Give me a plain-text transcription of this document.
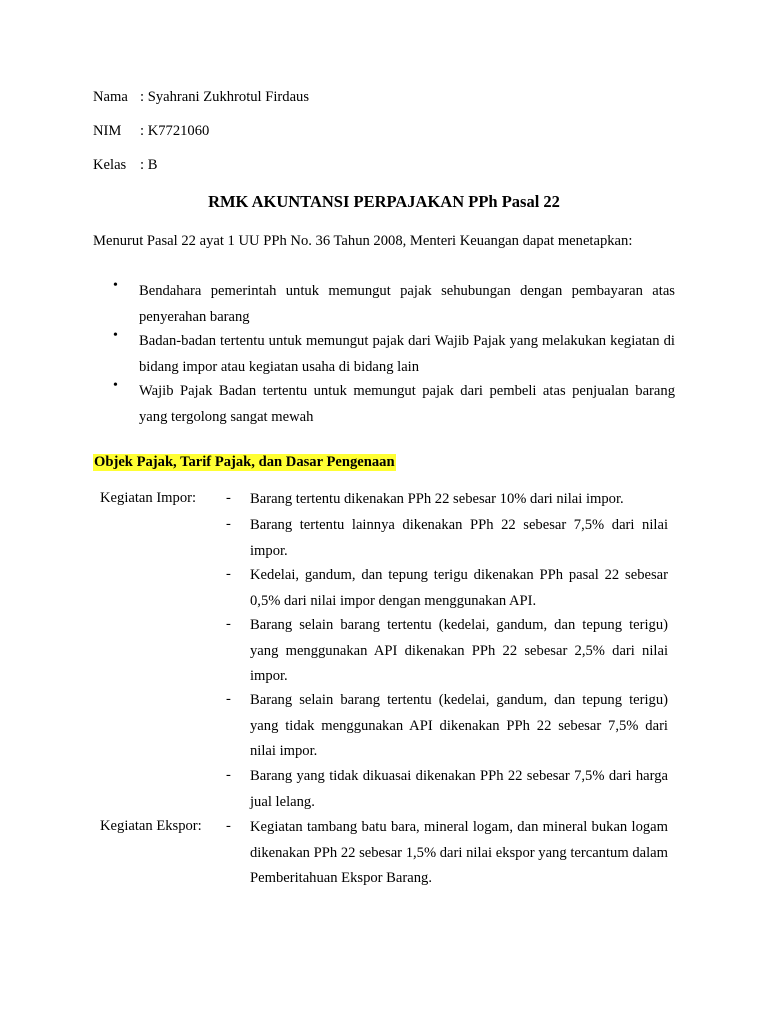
Nama : Syahrani Zukhrotul Firdaus
NIM : K7721060
Kelas : B
RMK AKUNTANSI PERPAJAKAN PPh Pasal 22
Menurut Pasal 22 ayat 1 UU PPh No. 36 Tahun 2008, Menteri Keuangan dapat menetapkan:
• Bendahara pemerintah untuk memungut pajak sehubungan dengan pembayaran atas penyerahan barang
• Badan-badan tertentu untuk memungut pajak dari Wajib Pajak yang melakukan kegiatan di bidang impor atau kegiatan usaha di bidang lain
• Wajib Pajak Badan tertentu untuk memungut pajak dari pembeli atas penjualan barang yang tergolong sangat mewah
Objek Pajak, Tarif Pajak, dan Dasar Pengenaan
Kegiatan Impor: - Barang tertentu dikenakan PPh 22 sebesar 10% dari nilai impor.
- Barang tertentu lainnya dikenakan PPh 22 sebesar 7,5% dari nilai impor.
- Kedelai, gandum, dan tepung terigu dikenakan PPh pasal 22 sebesar 0,5% dari nilai impor dengan menggunakan API.
- Barang selain barang tertentu (kedelai, gandum, dan tepung terigu) yang menggunakan API dikenakan PPh 22 sebesar 2,5% dari nilai impor.
- Barang selain barang tertentu (kedelai, gandum, dan tepung terigu) yang tidak menggunakan API dikenakan PPh 22 sebesar 7,5% dari nilai impor.
- Barang yang tidak dikuasai dikenakan PPh 22 sebesar 7,5% dari harga jual lelang.
Kegiatan Ekspor: - Kegiatan tambang batu bara, mineral logam, dan mineral bukan logam dikenakan PPh 22 sebesar 1,5% dari nilai ekspor yang tercantum dalam Pemberitahuan Ekspor Barang.
